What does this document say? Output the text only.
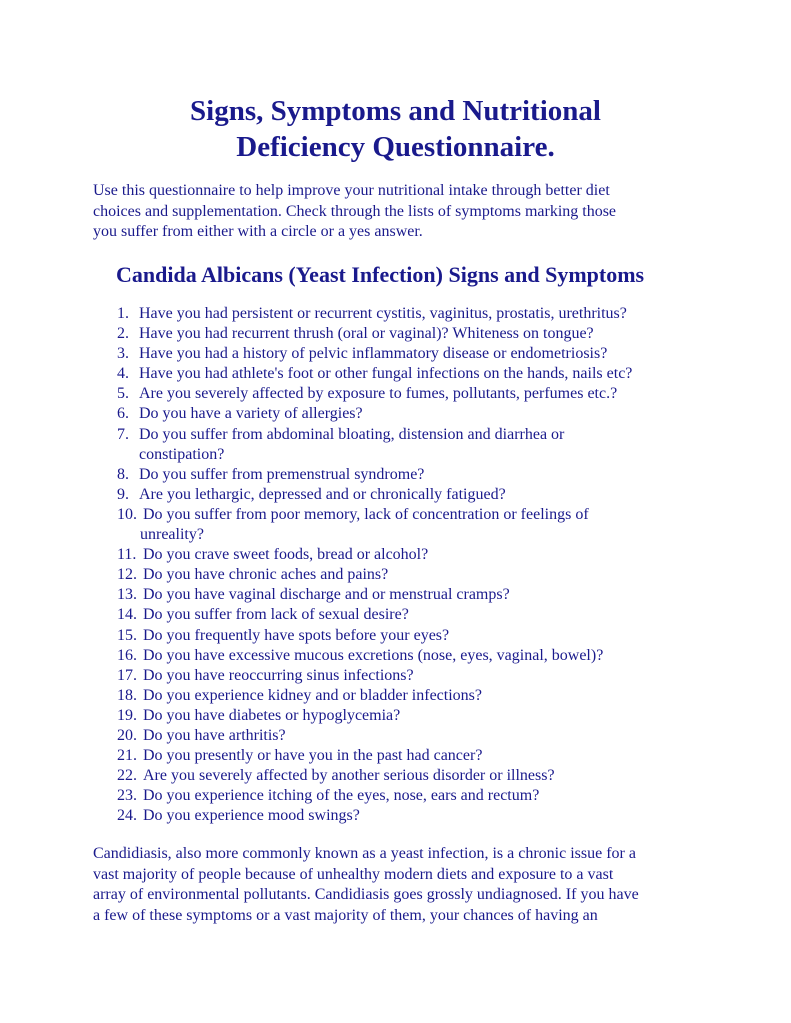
Signs, Symptoms and Nutritional
Deficiency Questionnaire.
Use this questionnaire to help improve your nutritional intake through better diet
choices and supplementation. Check through the lists of symptoms marking those
you suffer from either with a circle or a yes answer.
Candida Albicans (Yeast Infection) Signs and Symptoms
1. Have you had persistent or recurrent cystitis, vaginitus, prostatis, urethritus?
2. Have you had recurrent thrush (oral or vaginal)? Whiteness on tongue?
3. Have you had a history of pelvic inflammatory disease or endometriosis?
4. Have you had athlete's foot or other fungal infections on the hands, nails etc?
5. Are you severely affected by exposure to fumes, pollutants, perfumes etc.?
6. Do you have a variety of allergies?
7. Do you suffer from abdominal bloating, distension and diarrhea or
constipation?
8. Do you suffer from premenstrual syndrome?
9. Are you lethargic, depressed and or chronically fatigued?
10. Do you suffer from poor memory, lack of concentration or feelings of
unreality?
11. Do you crave sweet foods, bread or alcohol?
12. Do you have chronic aches and pains?
13. Do you have vaginal discharge and or menstrual cramps?
14. Do you suffer from lack of sexual desire?
15. Do you frequently have spots before your eyes?
16. Do you have excessive mucous excretions (nose, eyes, vaginal, bowel)?
17. Do you have reoccurring sinus infections?
18. Do you experience kidney and or bladder infections?
19. Do you have diabetes or hypoglycemia?
20. Do you have arthritis?
21. Do you presently or have you in the past had cancer?
22. Are you severely affected by another serious disorder or illness?
23. Do you experience itching of the eyes, nose, ears and rectum?
24. Do you experience mood swings?
Candidiasis, also more commonly known as a yeast infection, is a chronic issue for a
vast majority of people because of unhealthy modern diets and exposure to a vast
array of environmental pollutants. Candidiasis goes grossly undiagnosed. If you have
a few of these symptoms or a vast majority of them, your chances of having an
